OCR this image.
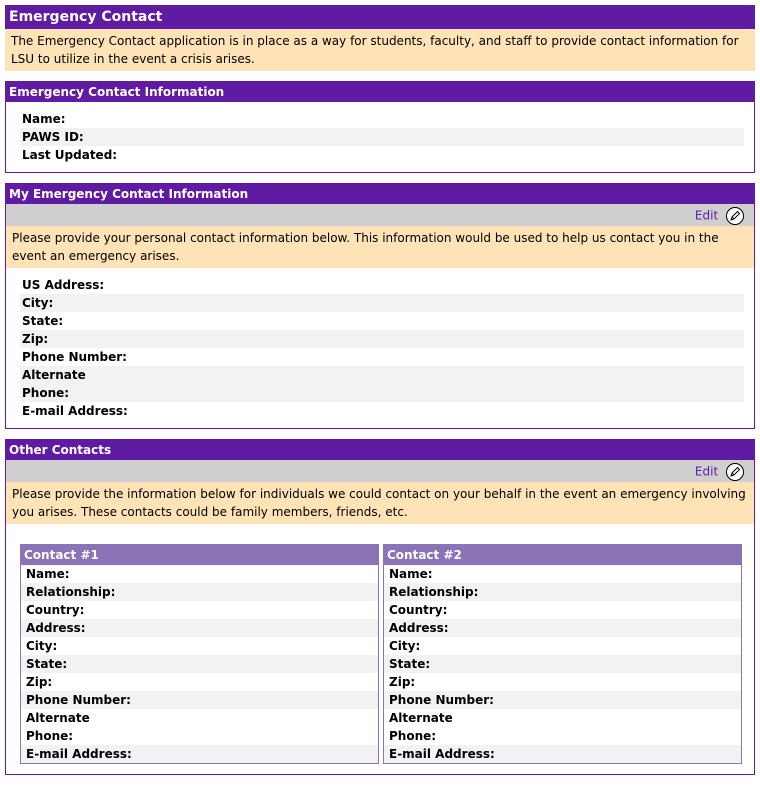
Emergency Contact
The Emergency Contact application is in place as a way for students, faculty, and staff to provide contact information for LSU to utilize in the event a crisis arises.
Emergency Contact Information
Name:
PAWS ID:
Last Updated:
My Emergency Contact Information
Edit
Please provide your personal contact information below. This information would be used to help us contact you in the event an emergency arises.
US Address:
City:
State:
Zip:
Phone Number:
Alternate
Phone:
E-mail Address:
Other Contacts
Edit
Please provide the information below for individuals we could contact on your behalf in the event an emergency involving you arises. These contacts could be family members, friends, etc.
Contact #1
Name:
Relationship:
Country:
Address:
City:
State:
Zip:
Phone Number:
Alternate
Phone:
E-mail Address:
Contact #2
Name:
Relationship:
Country:
Address:
City:
State:
Zip:
Phone Number:
Alternate
Phone:
E-mail Address:
